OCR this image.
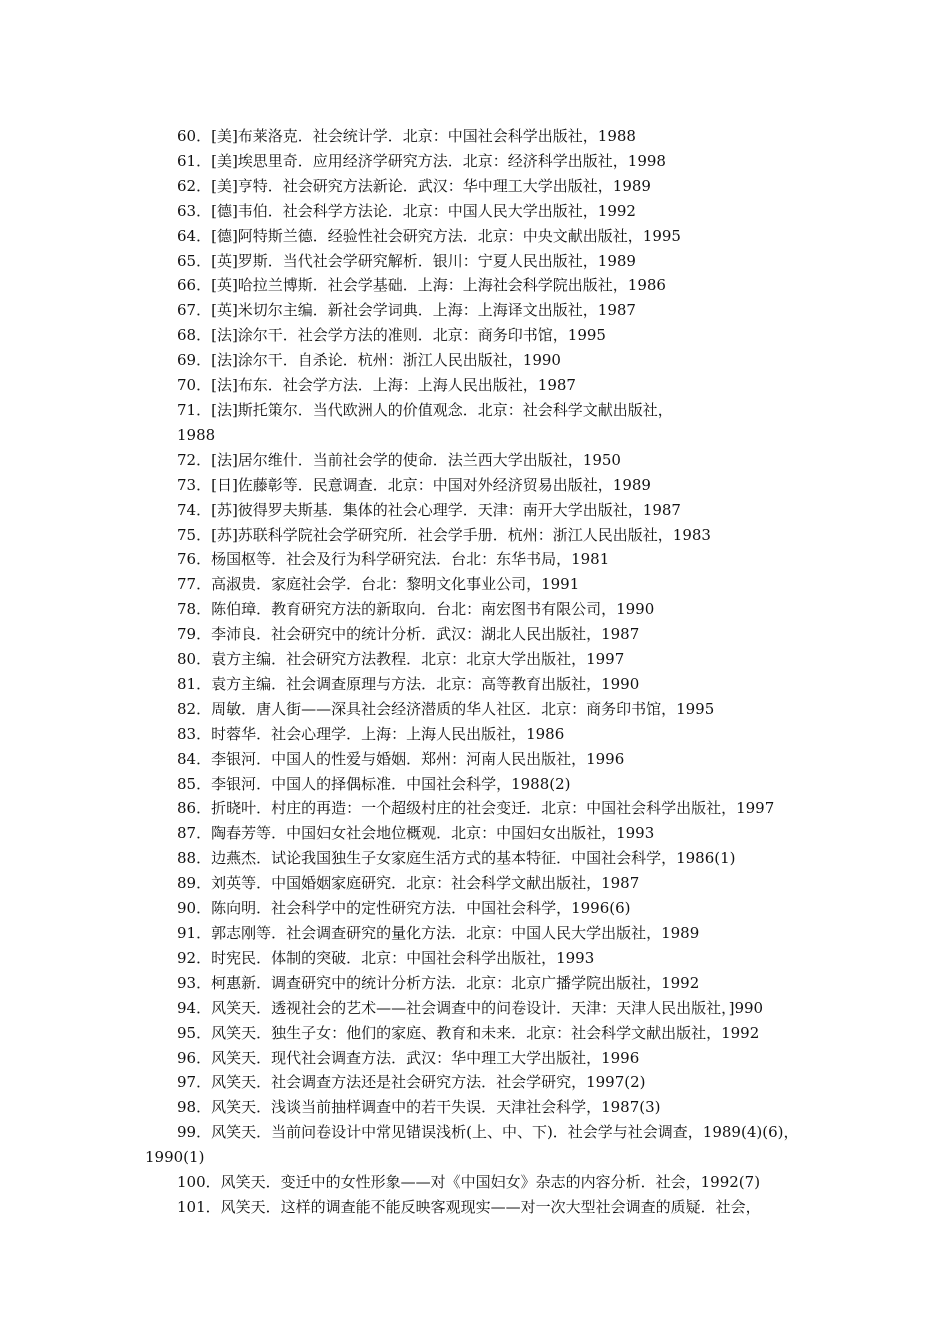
60．[美]布莱洛克．社会统计学．北京：中国社会科学出版社，1988
61．[美]埃思里奇．应用经济学研究方法．北京：经济科学出版社，1998
62．[美]亨特．社会研究方法新论．武汉：华中理工大学出版社，1989
63．[德]韦伯．社会科学方法论．北京：中国人民大学出版社，1992
64．[德]阿特斯兰德．经验性社会研究方法．北京：中央文献出版社，1995
65．[英]罗斯．当代社会学研究解析．银川：宁夏人民出版社，1989
66．[英]哈拉兰博斯．社会学基础．上海：上海社会科学院出版社，1986
67．[英]米切尔主编．新社会学词典．上海：上海译文出版社，1987
68．[法]涂尔干．社会学方法的准则．北京：商务印书馆，1995
69．[法]涂尔干．自杀论．杭州：浙江人民出版社，1990
70．[法]布东．社会学方法．上海：上海人民出版社，1987
71．[法]斯托策尔．当代欧洲人的价值观念．北京：社会科学文献出版社，
1988
72．[法]居尔维什．当前社会学的使命．法兰西大学出版社，1950
73．[日]佐藤彰等．民意调查．北京：中国对外经济贸易出版社，1989
74．[苏]彼得罗夫斯基．集体的社会心理学．天津：南开大学出版社，1987
75．[苏]苏联科学院社会学研究所．社会学手册．杭州：浙江人民出版社，1983
76．杨国枢等．社会及行为科学研究法．台北：东华书局，1981
77．高淑贵．家庭社会学．台北：黎明文化事业公司，1991
78．陈伯璋．教育研究方法的新取向．台北：南宏图书有限公司，1990
79．李沛良．社会研究中的统计分析．武汉：湖北人民出版社，1987
80．袁方主编．社会研究方法教程．北京：北京大学出版社，1997
81．袁方主编．社会调查原理与方法．北京：高等教育出版社，1990
82．周敏．唐人街——深具社会经济潜质的华人社区．北京：商务印书馆，1995
83．时蓉华．社会心理学．上海：上海人民出版社，1986
84．李银河．中国人的性爱与婚姻．郑州：河南人民出版社，1996
85．李银河．中国人的择偶标准．中国社会科学，1988(2)
86．折晓叶．村庄的再造：一个超级村庄的社会变迁．北京：中国社会科学出版社，1997
87．陶春芳等．中国妇女社会地位概观．北京：中国妇女出版社，1993
88．边燕杰．试论我国独生子女家庭生活方式的基本特征．中国社会科学，1986(1)
89．刘英等．中国婚姻家庭研究．北京：社会科学文献出版社，1987
90．陈向明．社会科学中的定性研究方法．中国社会科学，1996(6)
91．郭志刚等．社会调查研究的量化方法．北京：中国人民大学出版社，1989
92．时宪民．体制的突破．北京：中国社会科学出版社，1993
93．柯惠新．调查研究中的统计分析方法．北京：北京广播学院出版社，1992
94．风笑天．透视社会的艺术——社会调查中的问卷设计．天津：天津人民出版社，]990
95．风笑天．独生子女：他们的家庭、教育和未来．北京：社会科学文献出版社，1992
96．风笑天．现代社会调查方法．武汉：华中理工大学出版社，1996
97．风笑天．社会调查方法还是社会研究方法．社会学研究，1997(2)
98．风笑天．浅谈当前抽样调查中的若干失误．天津社会科学，1987(3)
99．风笑天．当前问卷设计中常见错误浅析(上、中、下)．社会学与社会调查，1989(4)(6)，
1990(1)
100．风笑天．变迁中的女性形象——对《中国妇女》杂志的内容分析．社会，1992(7)
101．风笑天．这样的调查能不能反映客观现实——对一次大型社会调查的质疑．社会，
